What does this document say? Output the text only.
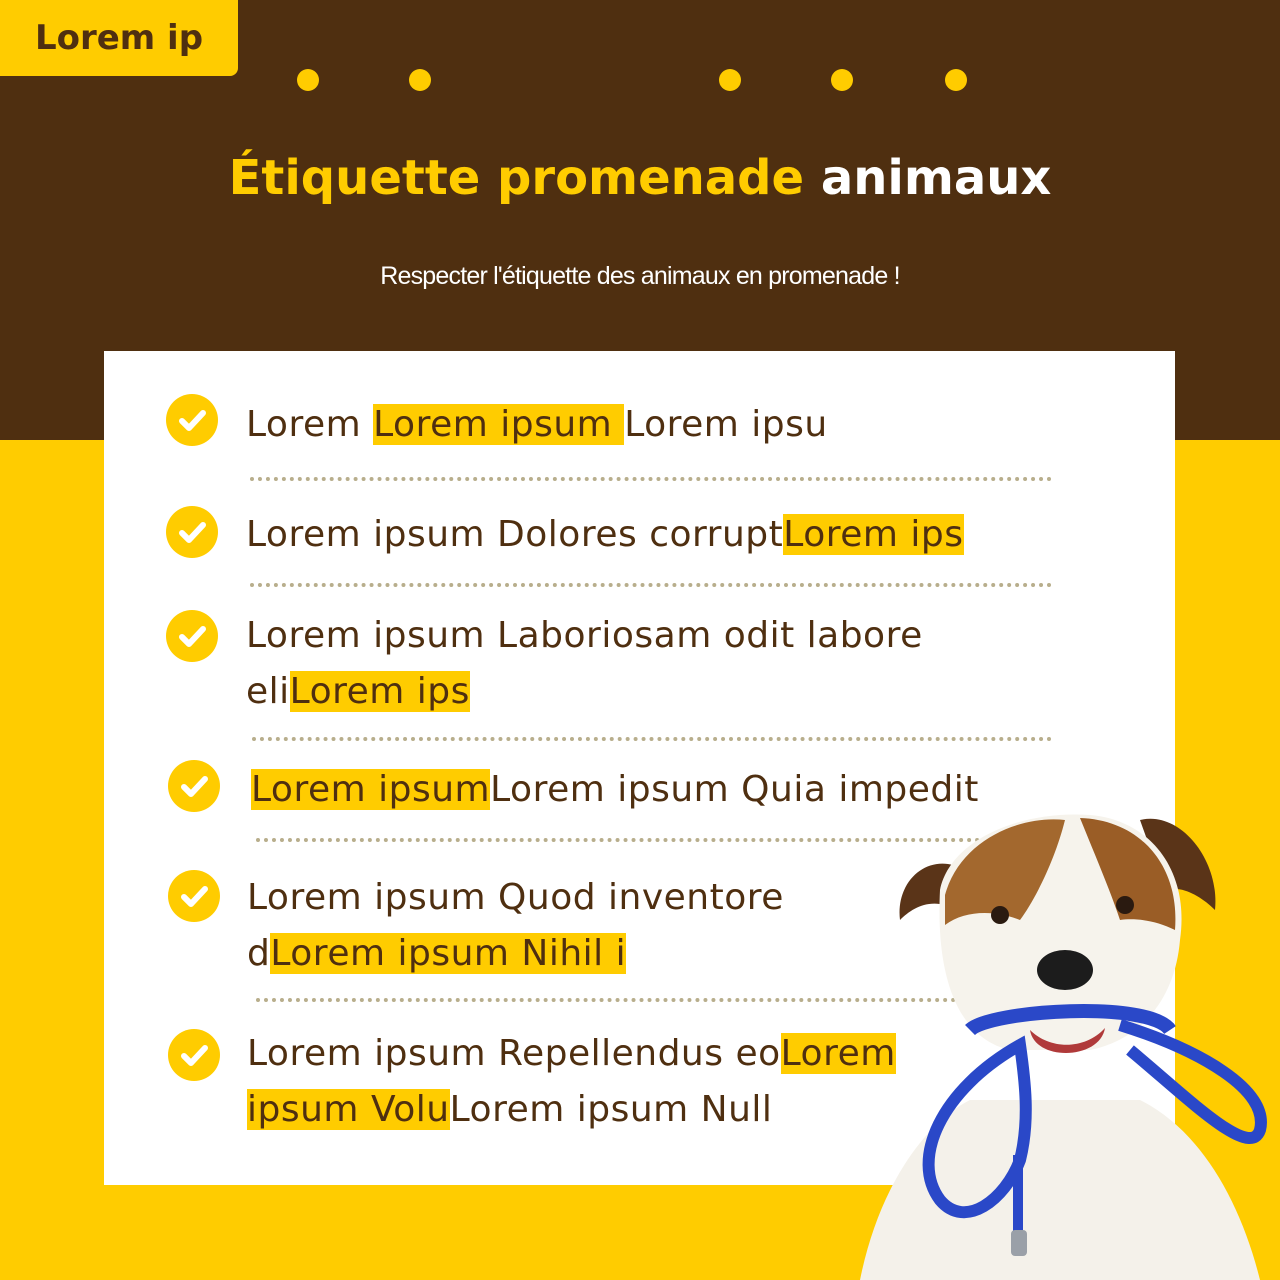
Lorem ip
Étiquette promenade animaux
Respecter l'étiquette des animaux en promenade !
Lorem Lorem ipsum Lorem ipsu
Lorem ipsum Dolores corruptLorem ips
Lorem ipsum Laboriosam odit labore
eliLorem ips
Lorem ipsumLorem ipsum Quia impedit
Lorem ipsum Quod inventore
dLorem ipsum Nihil i
Lorem ipsum Repellendus eoLorem
ipsum VoluLorem ipsum Null
